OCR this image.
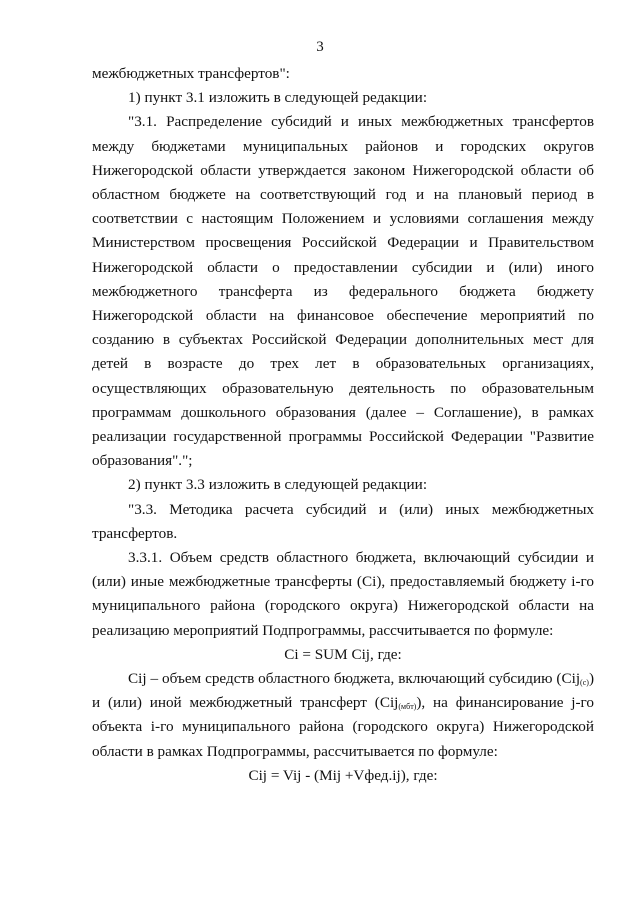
3

межбюджетных трансфертов":

1) пункт 3.1 изложить в следующей редакции:

"3.1. Распределение субсидий и иных межбюджетных трансфертов между бюджетами муниципальных районов и городских округов Нижегородской области утверждается законом Нижегородской области об областном бюджете на соответствующий год и на плановый период в соответствии с настоящим Положением и условиями соглашения между Министерством просвещения Российской Федерации и Правительством Нижегородской области о предоставлении субсидии и (или) иного межбюджетного трансферта из федерального бюджета бюджету Нижегородской области на финансовое обеспечение мероприятий по созданию в субъектах Российской Федерации дополнительных мест для детей в возрасте до трех лет в образовательных организациях, осуществляющих образовательную деятельность по образовательным программам дошкольного образования (далее – Соглашение), в рамках реализации государственной программы Российской Федерации "Развитие образования".";

2) пункт 3.3 изложить в следующей редакции:

"3.3. Методика расчета субсидий и (или) иных межбюджетных трансфертов.

3.3.1. Объем средств областного бюджета, включающий субсидии и (или) иные межбюджетные трансферты (Ci), предоставляемый бюджету i-го муниципального района (городского округа) Нижегородской области на реализацию мероприятий Подпрограммы, рассчитывается по формуле:

Ci = SUM Cij, где:

Cij – объем средств областного бюджета, включающий субсидию (Cij$_{(с)}$) и (или) иной межбюджетный трансферт (Cij$_{(мбт)}$), на финансирование j-го объекта i-го муниципального района (городского округа) Нижегородской области в рамках Подпрограммы, рассчитывается по формуле:

Cij = Vij - (Mij +Vфед.ij), где:
